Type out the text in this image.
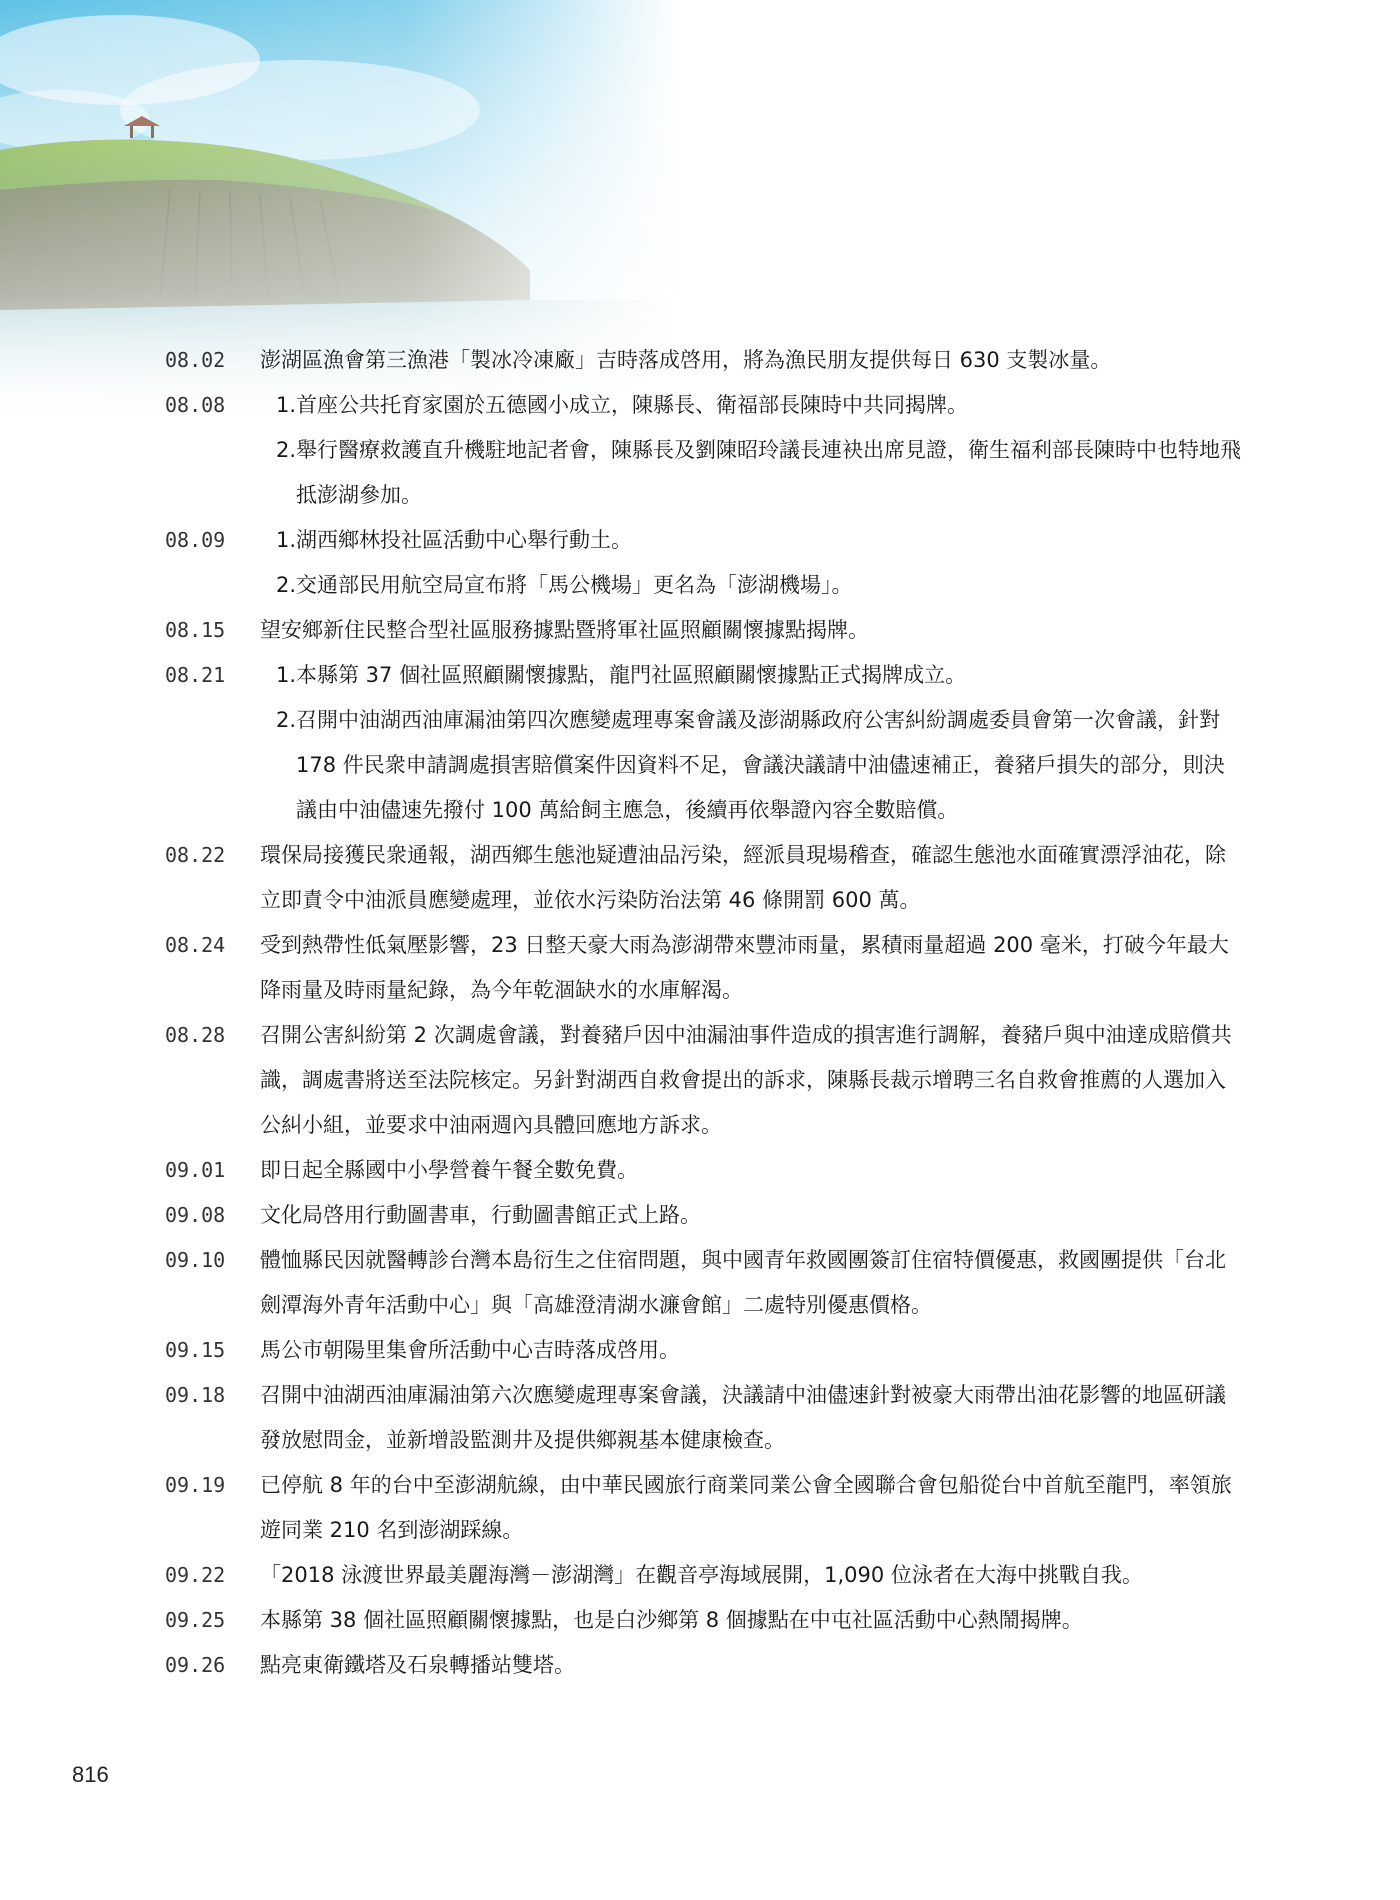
08.02	澎湖區漁會第三漁港「製冰冷凍廠」吉時落成啓用，將為漁民朋友提供每日 630 支製冰量。
08.08	1. 首座公共托育家園於五德國小成立，陳縣長、衛福部長陳時中共同揭牌。
2. 舉行醫療救護直升機駐地記者會，陳縣長及劉陳昭玲議長連袂出席見證，衛生福利部長陳時中也特地飛抵澎湖參加。
08.09	1. 湖西鄉林投社區活動中心舉行動土。
2. 交通部民用航空局宣布將「馬公機場」更名為「澎湖機場」。
08.15	望安鄉新住民整合型社區服務據點暨將軍社區照顧關懷據點揭牌。
08.21	1. 本縣第 37 個社區照顧關懷據點，龍門社區照顧關懷據點正式揭牌成立。
2. 召開中油湖西油庫漏油第四次應變處理專案會議及澎湖縣政府公害糾紛調處委員會第一次會議，針對 178 件民衆申請調處損害賠償案件因資料不足，會議決議請中油儘速補正，養豬戶損失的部分，則決議由中油儘速先撥付 100 萬給飼主應急，後續再依舉證內容全數賠償。
08.22	環保局接獲民衆通報，湖西鄉生態池疑遭油品污染，經派員現場稽查，確認生態池水面確實漂浮油花，除立即責令中油派員應變處理，並依水污染防治法第 46 條開罰 600 萬。
08.24	受到熱帶性低氣壓影響，23 日整天豪大雨為澎湖帶來豐沛雨量，累積雨量超過 200 毫米，打破今年最大降雨量及時雨量紀錄，為今年乾涸缺水的水庫解渴。
08.28	召開公害糾紛第 2 次調處會議，對養豬戶因中油漏油事件造成的損害進行調解，養豬戶與中油達成賠償共識，調處書將送至法院核定。另針對湖西自救會提出的訴求，陳縣長裁示增聘三名自救會推薦的人選加入公糾小組，並要求中油兩週內具體回應地方訴求。
09.01	即日起全縣國中小學營養午餐全數免費。
09.08	文化局啓用行動圖書車，行動圖書館正式上路。
09.10	體恤縣民因就醫轉診台灣本島衍生之住宿問題，與中國青年救國團簽訂住宿特價優惠，救國團提供「台北劍潭海外青年活動中心」與「高雄澄清湖水濂會館」二處特別優惠價格。
09.15	馬公市朝陽里集會所活動中心吉時落成啓用。
09.18	召開中油湖西油庫漏油第六次應變處理專案會議，決議請中油儘速針對被豪大雨帶出油花影響的地區研議發放慰問金，並新增設監測井及提供鄉親基本健康檢查。
09.19	已停航 8 年的台中至澎湖航線，由中華民國旅行商業同業公會全國聯合會包船從台中首航至龍門，率領旅遊同業 210 名到澎湖踩線。
09.22	「2018 泳渡世界最美麗海灣－澎湖灣」在觀音亭海域展開，1,090 位泳者在大海中挑戰自我。
09.25	本縣第 38 個社區照顧關懷據點，也是白沙鄉第 8 個據點在中屯社區活動中心熱鬧揭牌。
09.26	點亮東衛鐵塔及石泉轉播站雙塔。
816
